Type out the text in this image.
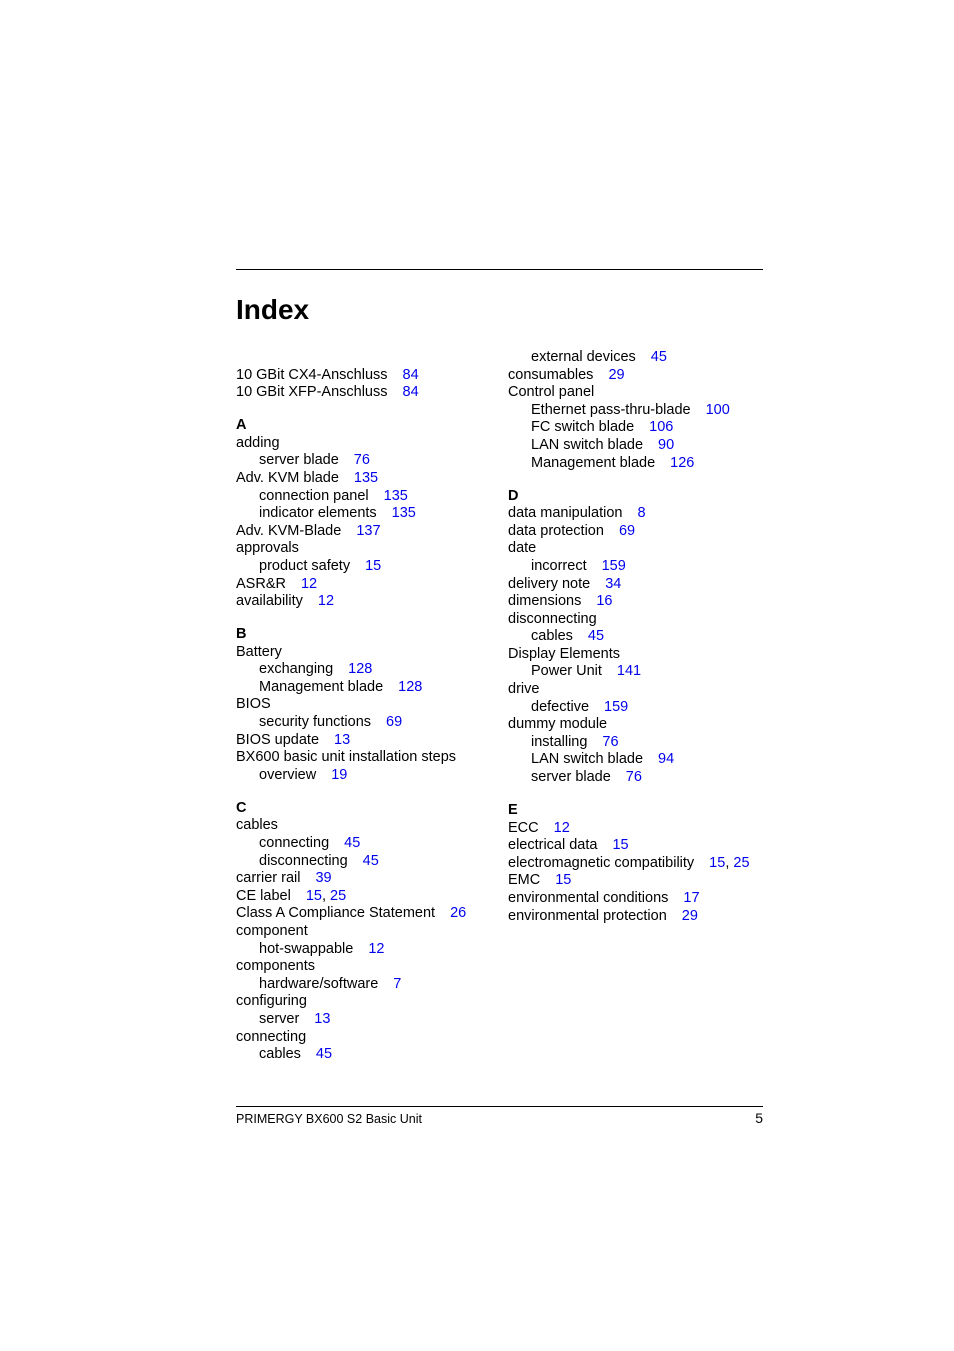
Index
10 GBit CX4-Anschluss 84
10 GBit XFP-Anschluss 84
A
adding
server blade 76
Adv. KVM blade 135
connection panel 135
indicator elements 135
Adv. KVM-Blade 137
approvals
product safety 15
ASR&R 12
availability 12
B
Battery
exchanging 128
Management blade 128
BIOS
security functions 69
BIOS update 13
BX600 basic unit installation steps
overview 19
C
cables
connecting 45
disconnecting 45
carrier rail 39
CE label 15, 25
Class A Compliance Statement 26
component
hot-swappable 12
components
hardware/software 7
configuring
server 13
connecting
cables 45
external devices 45
consumables 29
Control panel
Ethernet pass-thru-blade 100
FC switch blade 106
LAN switch blade 90
Management blade 126
D
data manipulation 8
data protection 69
date
incorrect 159
delivery note 34
dimensions 16
disconnecting
cables 45
Display Elements
Power Unit 141
drive
defective 159
dummy module
installing 76
LAN switch blade 94
server blade 76
E
ECC 12
electrical data 15
electromagnetic compatibility 15, 25
EMC 15
environmental conditions 17
environmental protection 29
PRIMERGY BX600 S2 Basic Unit	5
